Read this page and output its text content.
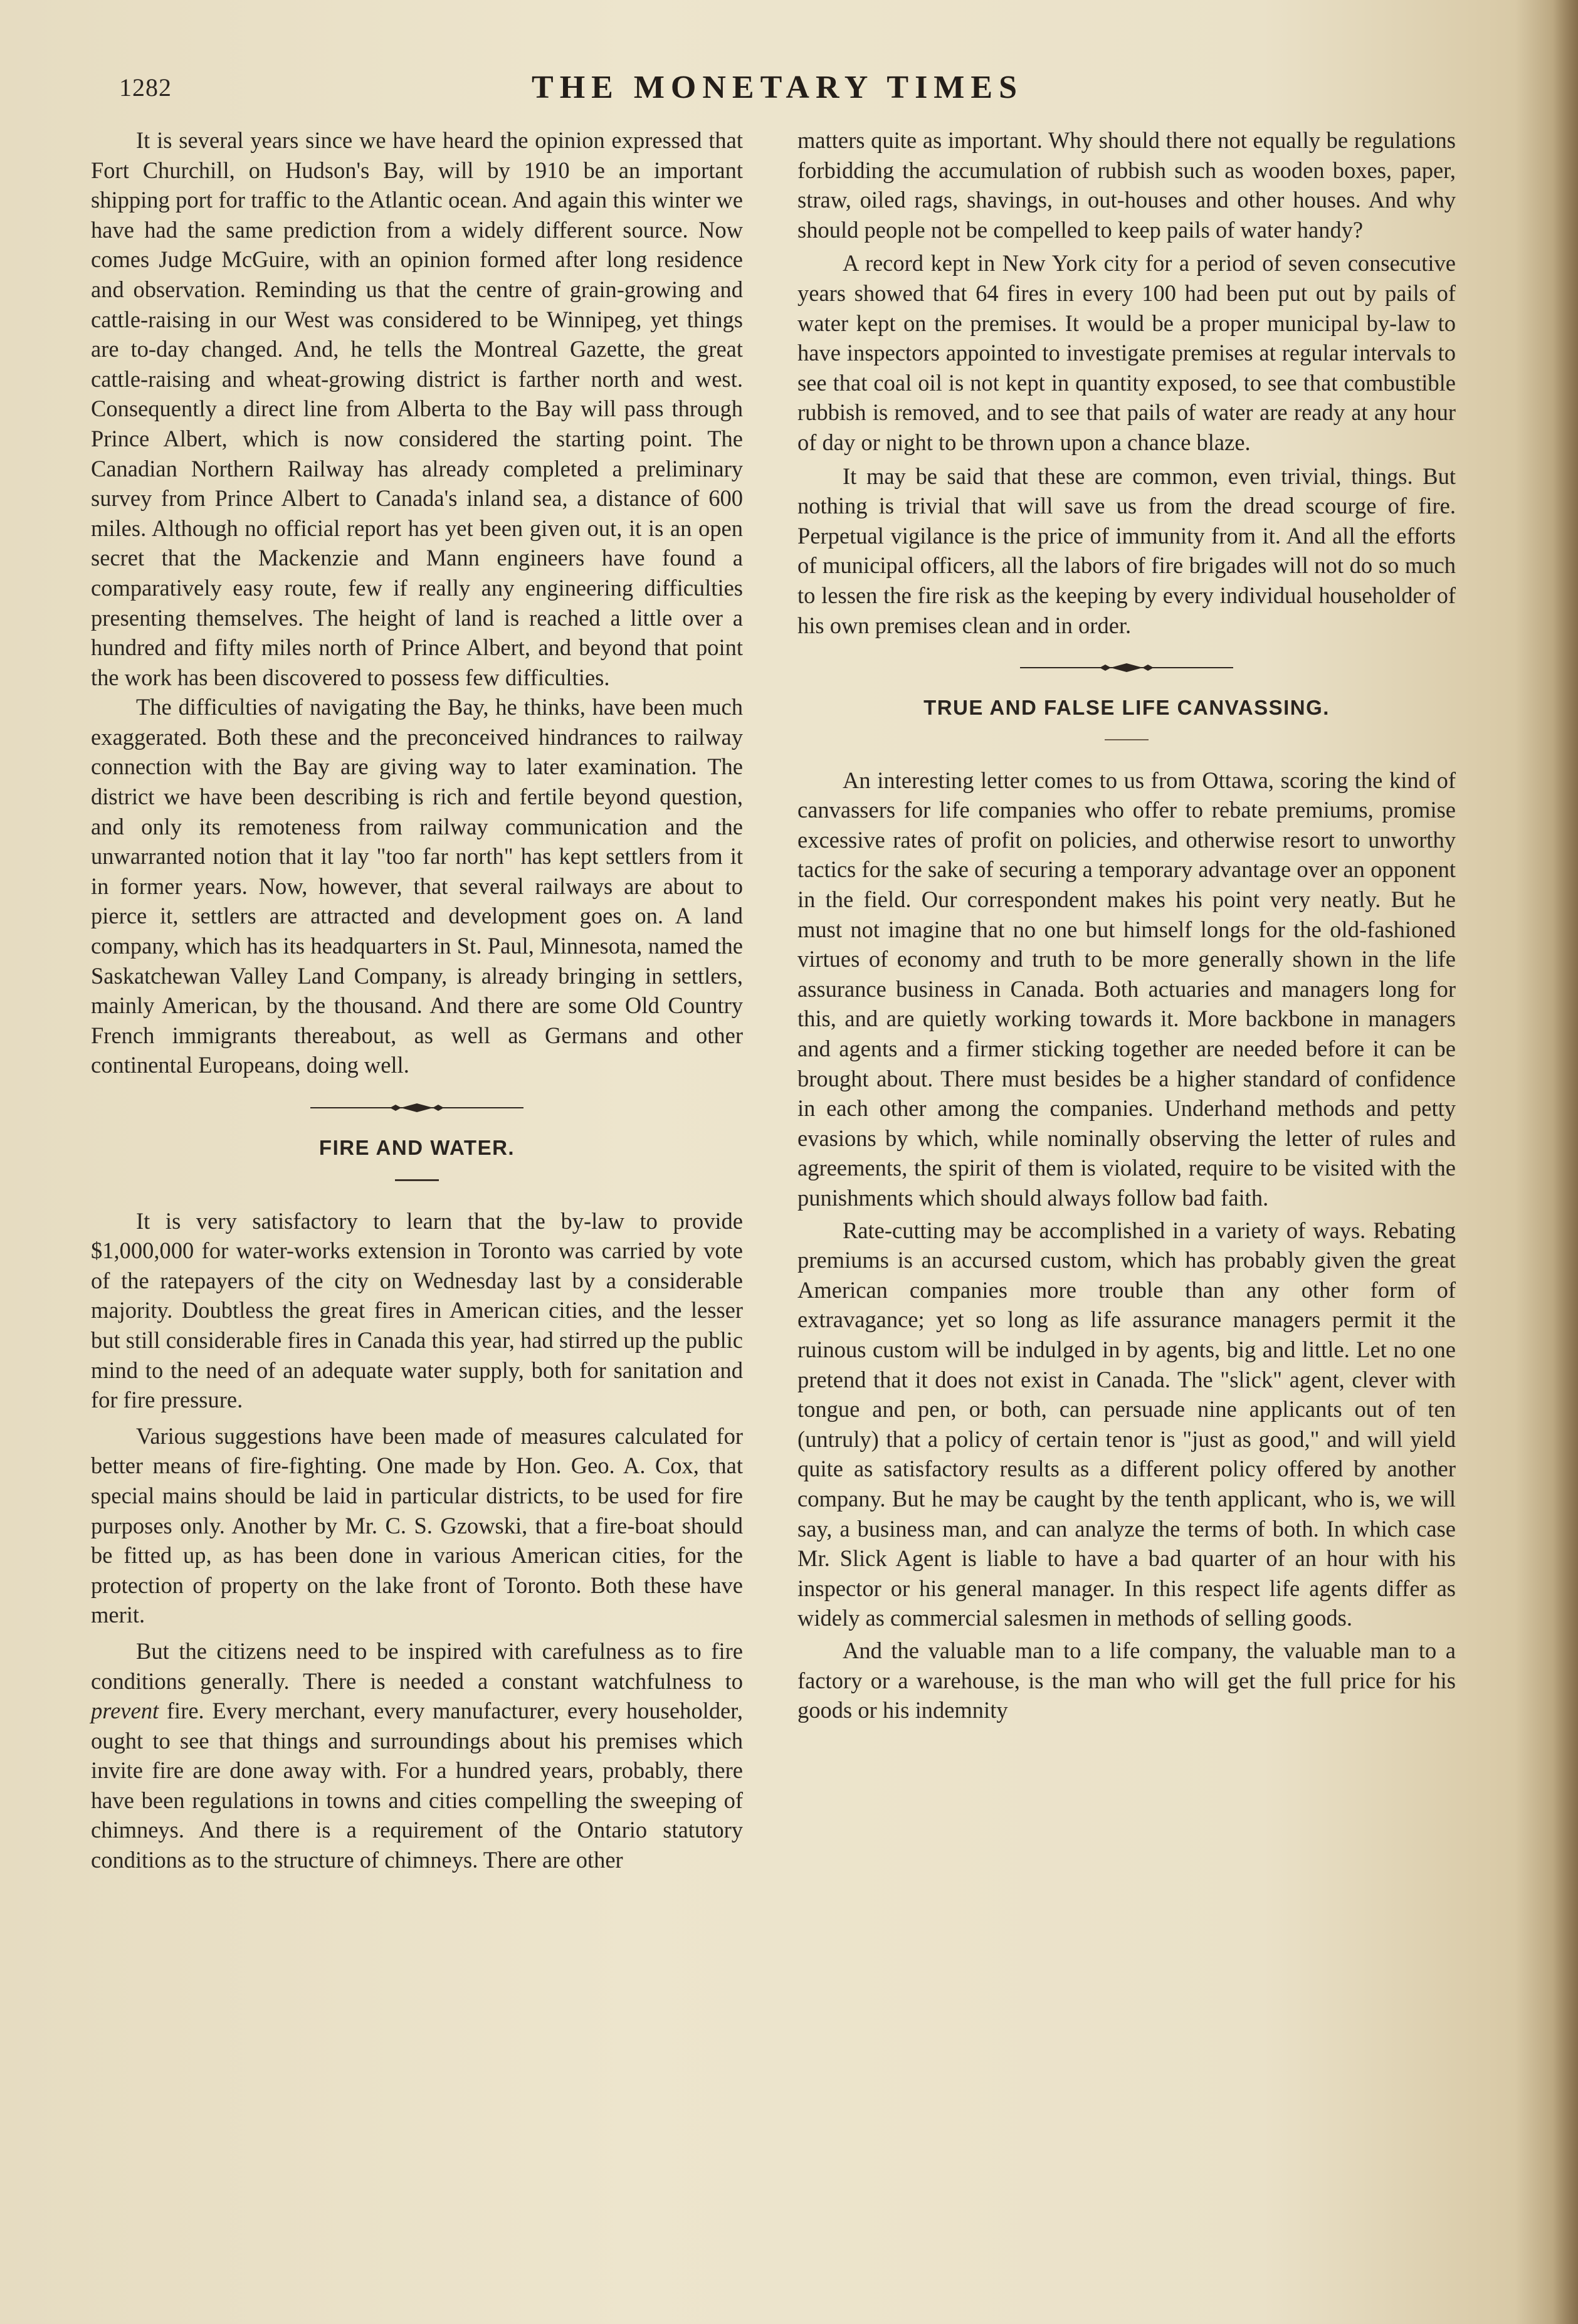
1282	THE MONETARY TIMES

It is several years since we have heard the opinion expressed that Fort Churchill, on Hudson's Bay, will by 1910 be an important shipping port for traffic to the Atlantic ocean. And again this winter we have had the same prediction from a widely different source. Now comes Judge McGuire, with an opinion formed after long residence and observation. Reminding us that the centre of grain-growing and cattle-raising in our West was considered to be Winnipeg, yet things are to-day changed. And, he tells the Montreal Gazette, the great cattle-raising and wheat-growing district is farther north and west. Consequently a direct line from Alberta to the Bay will pass through Prince Albert, which is now considered the starting point. The Canadian Northern Railway has already completed a preliminary survey from Prince Albert to Canada's inland sea, a distance of 600 miles. Although no official report has yet been given out, it is an open secret that the Mackenzie and Mann engineers have found a comparatively easy route, few if really any engineering difficulties presenting themselves. The height of land is reached a little over a hundred and fifty miles north of Prince Albert, and beyond that point the work has been discovered to possess few difficulties.

The difficulties of navigating the Bay, he thinks, have been much exaggerated. Both these and the preconceived hindrances to railway connection with the Bay are giving way to later examination. The district we have been describing is rich and fertile beyond question, and only its remoteness from railway communication and the unwarranted notion that it lay "too far north" has kept settlers from it in former years. Now, however, that several railways are about to pierce it, settlers are attracted and development goes on. A land company, which has its headquarters in St. Paul, Minnesota, named the Saskatchewan Valley Land Company, is already bringing in settlers, mainly American, by the thousand. And there are some Old Country French immigrants thereabout, as well as Germans and other continental Europeans, doing well.

FIRE AND WATER.

It is very satisfactory to learn that the by-law to provide $1,000,000 for water-works extension in Toronto was carried by vote of the ratepayers of the city on Wednesday last by a considerable majority. Doubtless the great fires in American cities, and the lesser but still considerable fires in Canada this year, had stirred up the public mind to the need of an adequate water supply, both for sanitation and for fire pressure.

Various suggestions have been made of measures calculated for better means of fire-fighting. One made by Hon. Geo. A. Cox, that special mains should be laid in particular districts, to be used for fire purposes only. Another by Mr. C. S. Gzowski, that a fire-boat should be fitted up, as has been done in various American cities, for the protection of property on the lake front of Toronto. Both these have merit.

But the citizens need to be inspired with carefulness as to fire conditions generally. There is needed a constant watchfulness to prevent fire. Every merchant, every manufacturer, every householder, ought to see that things and surroundings about his premises which invite fire are done away with. For a hundred years, probably, there have been regulations in towns and cities compelling the sweeping of chimneys. And there is a requirement of the Ontario statutory conditions as to the structure of chimneys. There are other

matters quite as important. Why should there not equally be regulations forbidding the accumulation of rubbish such as wooden boxes, paper, straw, oiled rags, shavings, in out-houses and other houses. And why should people not be compelled to keep pails of water handy?

A record kept in New York city for a period of seven consecutive years showed that 64 fires in every 100 had been put out by pails of water kept on the premises. It would be a proper municipal by-law to have inspectors appointed to investigate premises at regular intervals to see that coal oil is not kept in quantity exposed, to see that combustible rubbish is removed, and to see that pails of water are ready at any hour of day or night to be thrown upon a chance blaze.

It may be said that these are common, even trivial, things. But nothing is trivial that will save us from the dread scourge of fire. Perpetual vigilance is the price of immunity from it. And all the efforts of municipal officers, all the labors of fire brigades will not do so much to lessen the fire risk as the keeping by every individual householder of his own premises clean and in order.

TRUE AND FALSE LIFE CANVASSING.

An interesting letter comes to us from Ottawa, scoring the kind of canvassers for life companies who offer to rebate premiums, promise excessive rates of profit on policies, and otherwise resort to unworthy tactics for the sake of securing a temporary advantage over an opponent in the field. Our correspondent makes his point very neatly. But he must not imagine that no one but himself longs for the old-fashioned virtues of economy and truth to be more generally shown in the life assurance business in Canada. Both actuaries and managers long for this, and are quietly working towards it. More backbone in managers and agents and a firmer sticking together are needed before it can be brought about. There must besides be a higher standard of confidence in each other among the companies. Underhand methods and petty evasions by which, while nominally observing the letter of rules and agreements, the spirit of them is violated, require to be visited with the punishments which should always follow bad faith.

Rate-cutting may be accomplished in a variety of ways. Rebating premiums is an accursed custom, which has probably given the great American companies more trouble than any other form of extravagance; yet so long as life assurance managers permit it the ruinous custom will be indulged in by agents, big and little. Let no one pretend that it does not exist in Canada. The "slick" agent, clever with tongue and pen, or both, can persuade nine applicants out of ten (untruly) that a policy of certain tenor is "just as good," and will yield quite as satisfactory results as a different policy offered by another company. But he may be caught by the tenth applicant, who is, we will say, a business man, and can analyze the terms of both. In which case Mr. Slick Agent is liable to have a bad quarter of an hour with his inspector or his general manager. In this respect life agents differ as widely as commercial salesmen in methods of selling goods.

And the valuable man to a life company, the valuable man to a factory or a warehouse, is the man who will get the full price for his goods or his indemnity
